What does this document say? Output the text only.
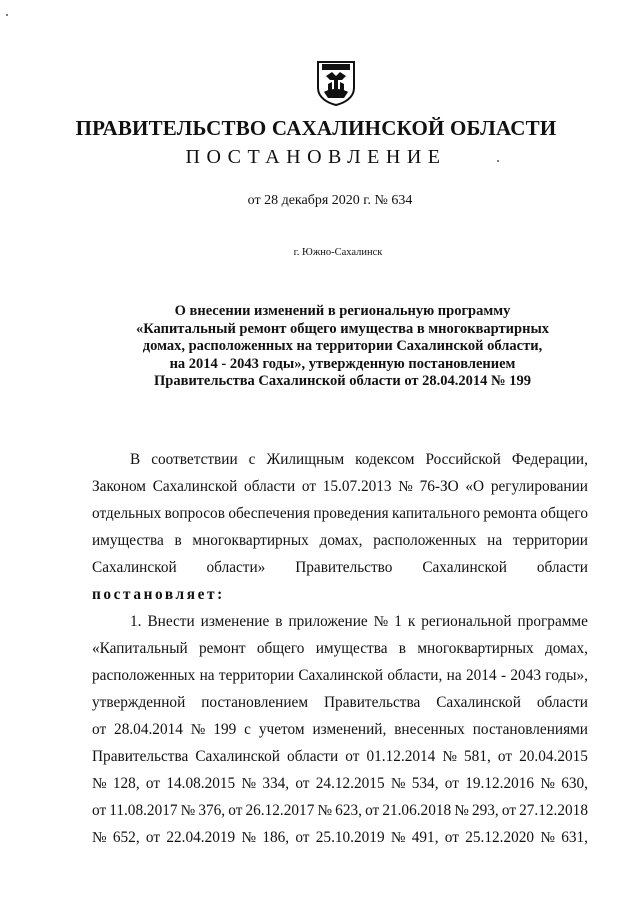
ПРАВИТЕЛЬСТВО САХАЛИНСКОЙ ОБЛАСТИ
ПОСТАНОВЛЕНИЕ
от 28 декабря 2020 г. № 634
г. Южно-Сахалинск
О внесении изменений в региональную программу
«Капитальный ремонт общего имущества в многоквартирных
домах, расположенных на территории Сахалинской области,
на 2014 - 2043 годы», утвержденную постановлением
Правительства Сахалинской области от 28.04.2014 № 199
В соответствии с Жилищным кодексом Российской Федерации,
Законом Сахалинской области от 15.07.2013 № 76-ЗО «О регулировании
отдельных вопросов обеспечения проведения капитального ремонта общего
имущества в многоквартирных домах, расположенных на территории
Сахалинской области» Правительство Сахалинской области
постановляет:
1. Внести изменение в приложение № 1 к региональной программе
«Капитальный ремонт общего имущества в многоквартирных домах,
расположенных на территории Сахалинской области, на 2014 - 2043 годы»,
утвержденной постановлением Правительства Сахалинской области
от 28.04.2014 № 199 с учетом изменений, внесенных постановлениями
Правительства Сахалинской области от 01.12.2014 № 581, от 20.04.2015
№ 128, от 14.08.2015 № 334, от 24.12.2015 № 534, от 19.12.2016 № 630,
от 11.08.2017 № 376, от 26.12.2017 № 623, от 21.06.2018 № 293, от 27.12.2018
№ 652, от 22.04.2019 № 186, от 25.10.2019 № 491, от 25.12.2020 № 631,
